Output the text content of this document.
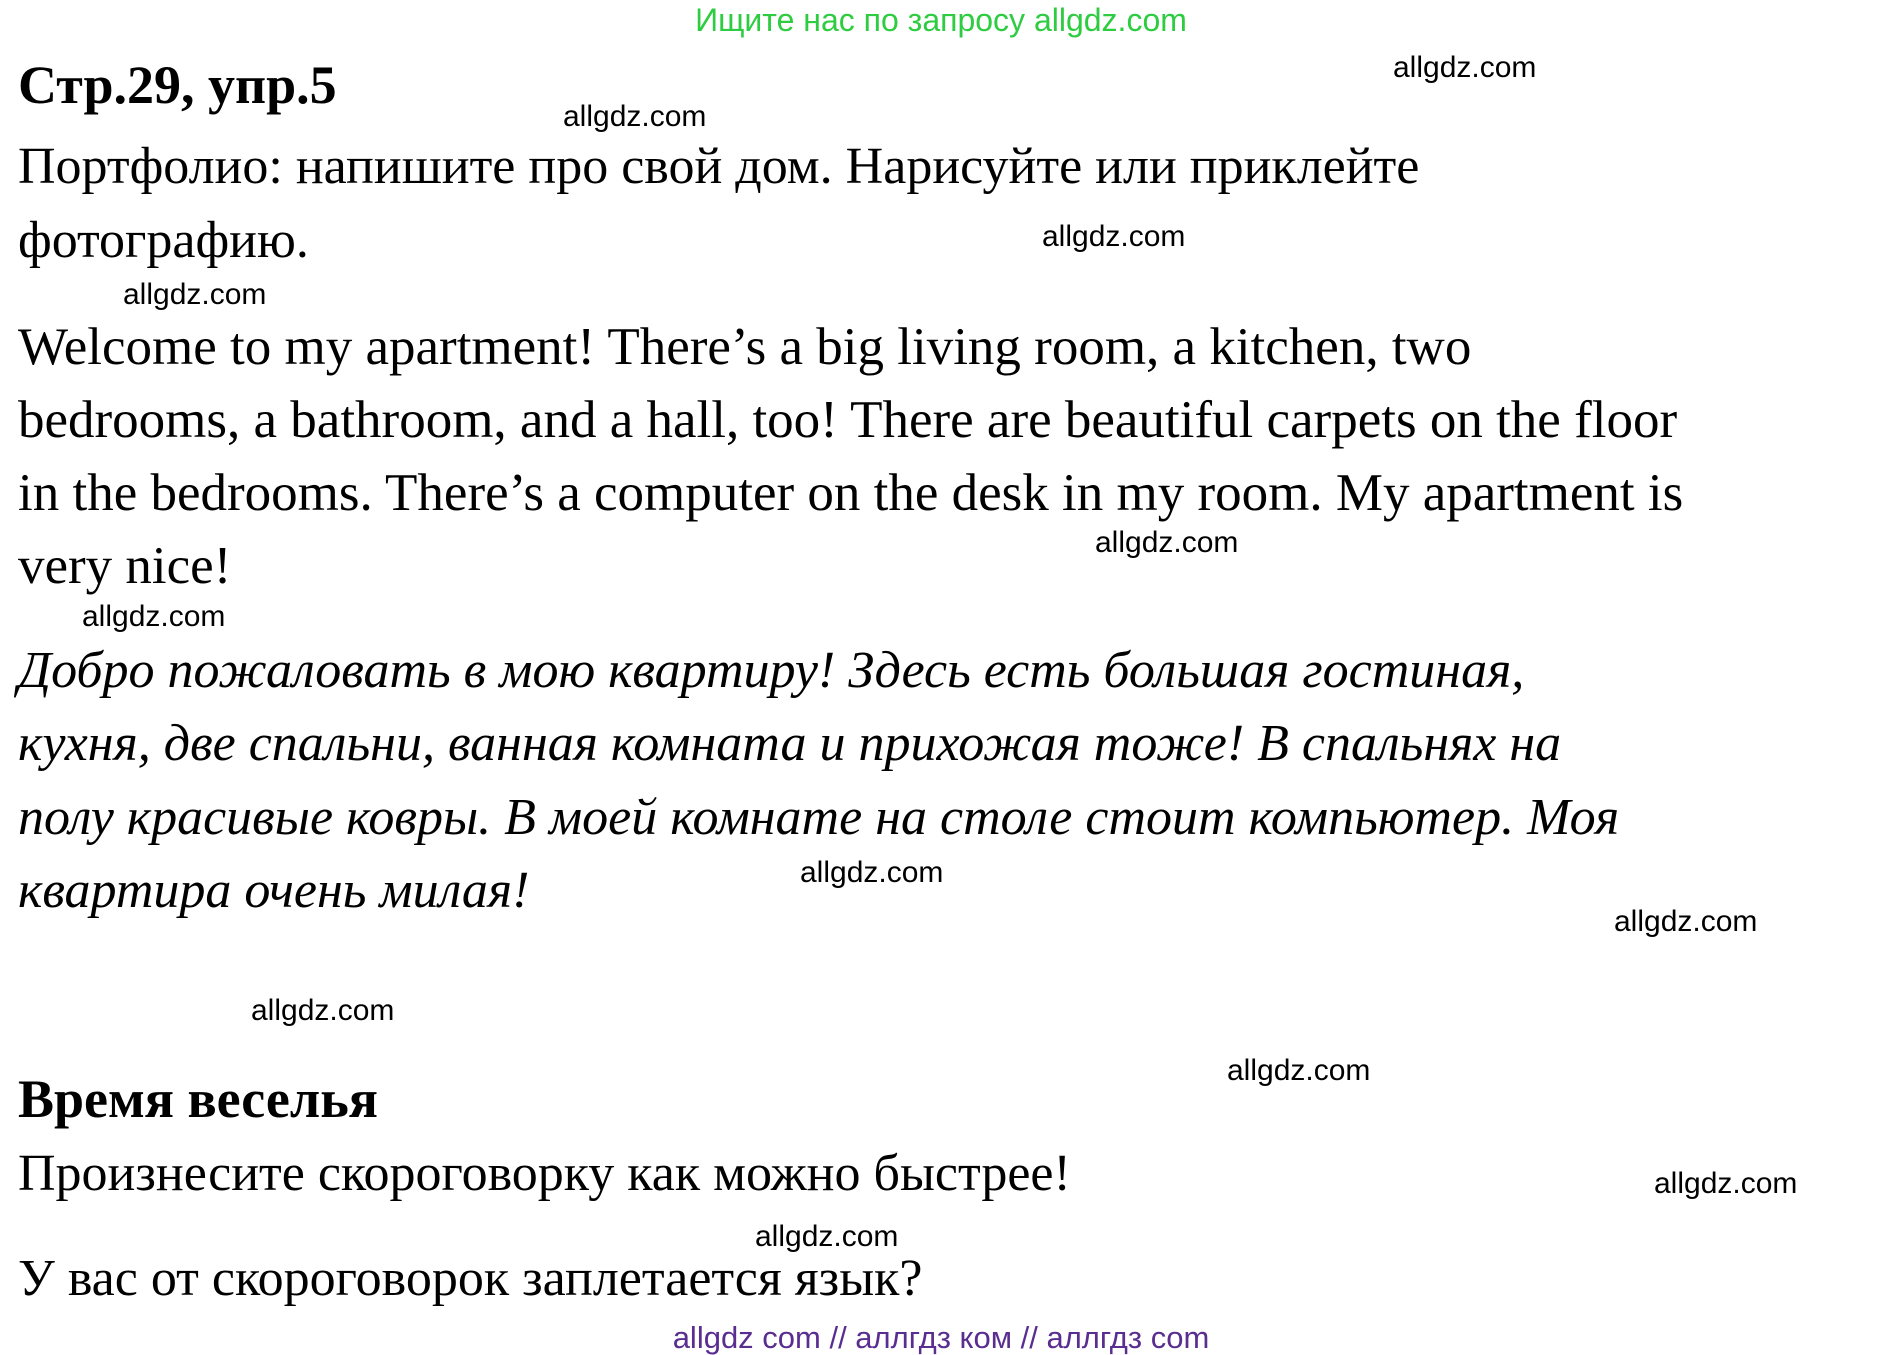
Ищите нас по запросу allgdz.com
Стр.29, упр.5

Портфолио: напишите про свой дом. Нарисуйте или приклейте

фотографию.

Welcome to my apartment! There’s a big living room, a kitchen, two

bedrooms, a bathroom, and a hall, too! There are beautiful carpets on the floor

in the bedrooms. There’s a computer on the desk in my room. My apartment is

very nice!

Добро пожаловать в мою квартиру! Здесь есть большая гостиная,

кухня, две спальни, ванная комната и прихожая тоже! В спальнях на

полу красивые ковры. В моей комнате на столе стоит компьютер. Моя

квартира очень милая!

Время веселья

Произнесите скороговорку как можно быстрее!

У вас от скороговорок заплетается язык?

allgdz.com
allgdz.com
allgdz.com
allgdz.com
allgdz.com
allgdz.com
allgdz.com
allgdz.com
allgdz.com
allgdz.com
allgdz.com
allgdz.com
allgdz com // аллгдз ком // аллгдз com
